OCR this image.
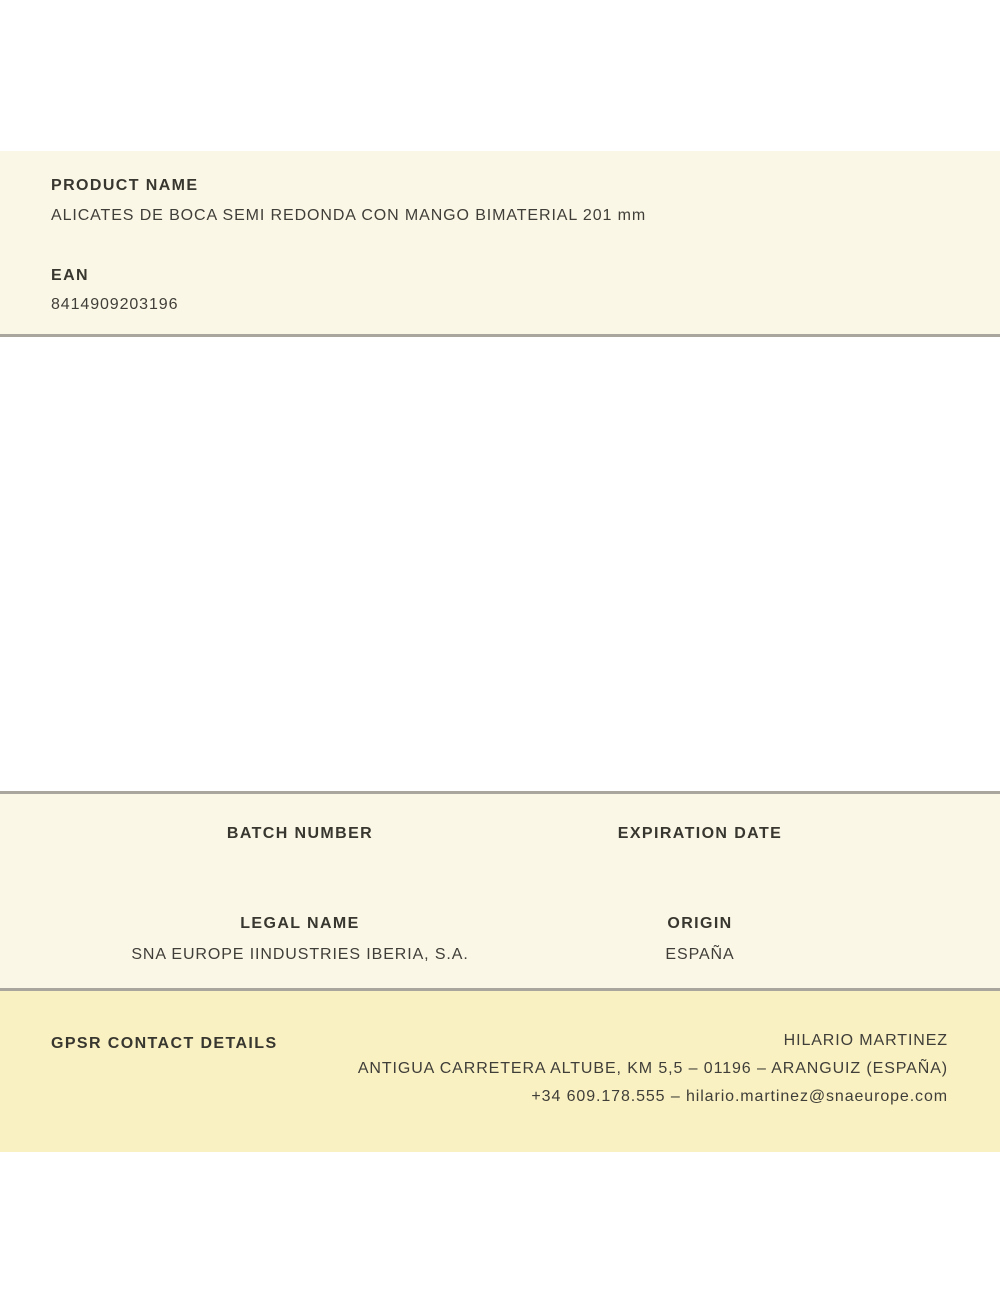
PRODUCT NAME
ALICATES DE BOCA SEMI REDONDA CON MANGO BIMATERIAL 201 mm
EAN
8414909203196
BATCH NUMBER	EXPIRATION DATE
LEGAL NAME
SNA EUROPE IINDUSTRIES IBERIA, S.A.
ORIGIN
ESPAÑA
GPSR CONTACT DETAILS	HILARIO MARTINEZ
ANTIGUA CARRETERA ALTUBE, KM 5,5 – 01196 – ARANGUIZ (ESPAÑA)
+34 609.178.555 – hilario.martinez@snaeurope.com
